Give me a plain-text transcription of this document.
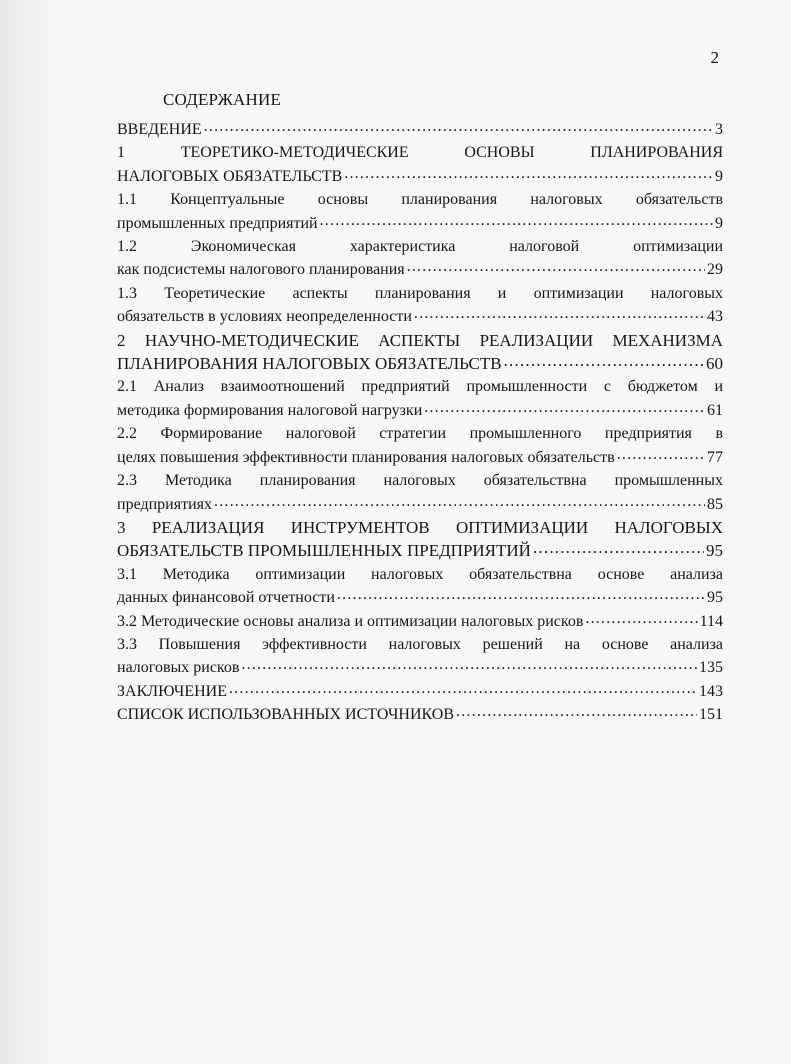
2
СОДЕРЖАНИЕ
ВВЕДЕНИЕ .....	3
1 ТЕОРЕТИКО-МЕТОДИЧЕСКИЕ ОСНОВЫ ПЛАНИРОВАНИЯ
НАЛОГОВЫХ ОБЯЗАТЕЛЬСТВ .....	9
1.1 Концептуальные основы планирования налоговых обязательств
промышленных предприятий .....	9
1.2 Экономическая характеристика налоговой оптимизации
как подсистемы налогового планирования .....	29
1.3 Теоретические аспекты планирования и оптимизации налоговых
обязательств в условиях неопределенности .....	43
2 НАУЧНО-МЕТОДИЧЕСКИЕ АСПЕКТЫ РЕАЛИЗАЦИИ МЕХАНИЗМА
ПЛАНИРОВАНИЯ НАЛОГОВЫХ ОБЯЗАТЕЛЬСТВ .....	60
2.1 Анализ взаимоотношений предприятий промышленности с бюджетом и
методика формирования налоговой нагрузки .....	61
2.2 Формирование налоговой стратегии промышленного предприятия в
целях повышения эффективности планирования налоговых обязательств .....	77
2.3 Методика планирования налоговых обязательствна промышленных
предприятиях .....	85
3 РЕАЛИЗАЦИЯ ИНСТРУМЕНТОВ ОПТИМИЗАЦИИ НАЛОГОВЫХ
ОБЯЗАТЕЛЬСТВ ПРОМЫШЛЕННЫХ ПРЕДПРИЯТИЙ .....	95
3.1 Методика оптимизации налоговых обязательствна основе анализа
данных финансовой отчетности .....	95
3.2 Методические основы анализа и оптимизации налоговых рисков .....	114
3.3 Повышения эффективности налоговых решений на основе анализа
налоговых рисков .....	135
ЗАКЛЮЧЕНИЕ .....	143
СПИСОК ИСПОЛЬЗОВАННЫХ ИСТОЧНИКОВ .....	151
